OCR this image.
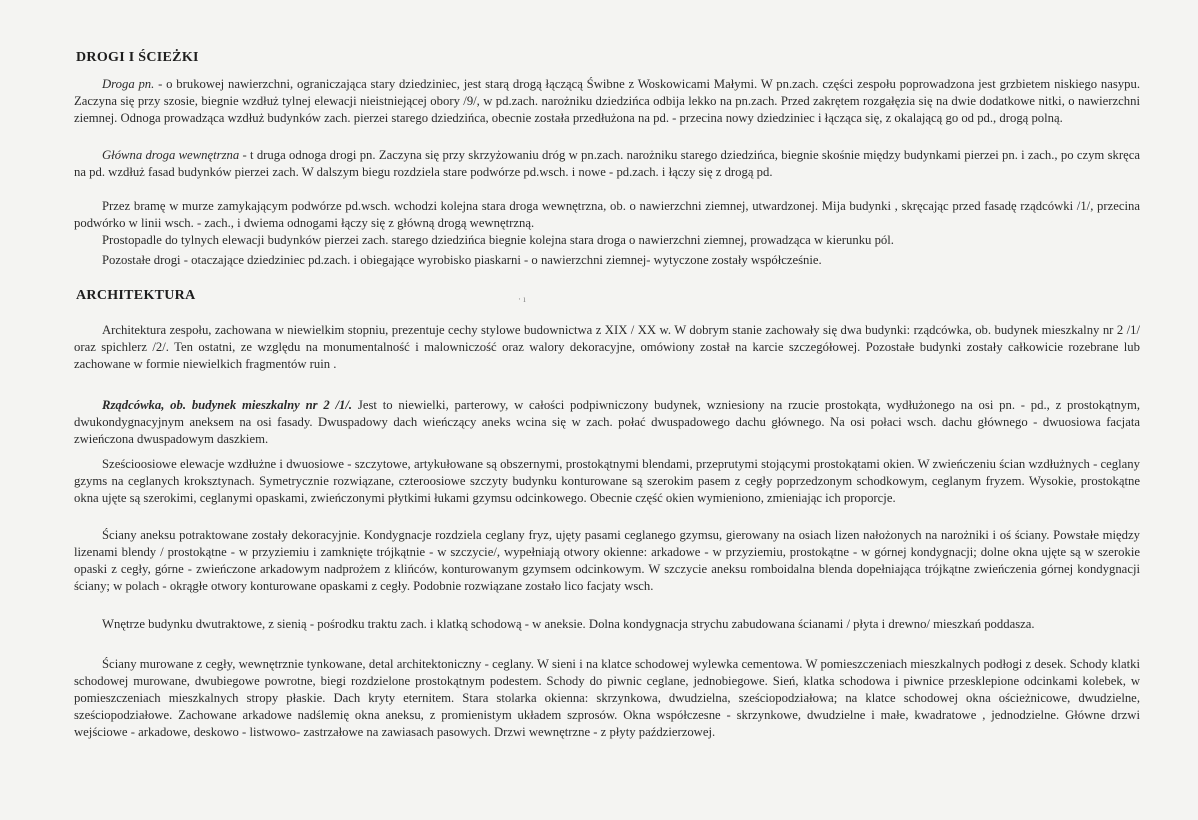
DROGI I ŚCIEŻKI

Droga pn. - o brukowej nawierzchni, ograniczająca stary dziedziniec, jest starą drogą łączącą Świbne z Woskowicami Małymi. W pn.zach. części zespołu poprowadzona jest grzbietem niskiego nasypu. Zaczyna się przy szosie, biegnie wzdłuż tylnej elewacji nieistniejącej obory /9/, w pd.zach. narożniku dziedzińca odbija lekko na pn.zach. Przed zakrętem rozgałęzia się na dwie dodatkowe nitki, o nawierzchni ziemnej. Odnoga prowadząca wzdłuż budynków zach. pierzei starego dziedzińca, obecnie została przedłużona na pd. - przecina nowy dziedziniec i łącząca się, z okalającą go od pd., drogą polną.

Główna droga wewnętrzna - t druga odnoga drogi pn. Zaczyna się przy skrzyżowaniu dróg w pn.zach. narożniku starego dziedzińca, biegnie skośnie między budynkami pierzei pn. i zach., po czym skręca na pd. wzdłuż fasad budynków pierzei zach. W dalszym biegu rozdziela stare podwórze pd.wsch. i nowe - pd.zach. i łączy się z drogą pd.

Przez bramę w murze zamykającym podwórze pd.wsch. wchodzi kolejna stara droga wewnętrzna, ob. o nawierzchni ziemnej, utwardzonej. Mija budynki , skręcając przed fasadę rządcówki /1/, przecina podwórko w linii wsch. - zach., i dwiema odnogami łączy się z główną drogą wewnętrzną.

Prostopadle do tylnych elewacji budynków pierzei zach. starego dziedzińca biegnie kolejna stara droga o nawierzchni ziemnej, prowadząca w kierunku pól.

Pozostałe drogi - otaczające dziedziniec pd.zach. i obiegające wyrobisko piaskarni - o nawierzchni ziemnej- wytyczone zostały współcześnie.

ARCHITEKTURA	· ı

Architektura zespołu, zachowana w niewielkim stopniu, prezentuje cechy stylowe budownictwa z XIX / XX w. W dobrym stanie zachowały się dwa budynki: rządcówka, ob. budynek mieszkalny nr 2 /1/ oraz spichlerz /2/. Ten ostatni, ze względu na monumentalność i malowniczość oraz walory dekoracyjne, omówiony został na karcie szczegółowej. Pozostałe budynki zostały całkowicie rozebrane lub zachowane w formie niewielkich fragmentów ruin .

Rządcówka, ob. budynek mieszkalny nr 2 /1/. Jest to niewielki, parterowy, w całości podpiwniczony budynek, wzniesiony na rzucie prostokąta, wydłużonego na osi pn. - pd., z prostokątnym, dwukondygnacyjnym aneksem na osi fasady. Dwuspadowy dach wieńczący aneks wcina się w zach. połać dwuspadowego dachu głównego. Na osi połaci wsch. dachu głównego - dwuosiowa facjata zwieńczona dwuspadowym daszkiem.

Sześcioosiowe elewacje wzdłużne i dwuosiowe - szczytowe, artykułowane są obszernymi, prostokątnymi blendami, przeprutymi stojącymi prostokątami okien. W zwieńczeniu ścian wzdłużnych - ceglany gzyms na ceglanych kroksztynach. Symetrycznie rozwiązane, czteroosiowe szczyty budynku konturowane są szerokim pasem z cegły poprzedzonym schodkowym, ceglanym fryzem. Wysokie, prostokątne okna ujęte są szerokimi, ceglanymi opaskami, zwieńczonymi płytkimi łukami gzymsu odcinkowego. Obecnie część okien wymieniono, zmieniając ich proporcje.

Ściany aneksu potraktowane zostały dekoracyjnie. Kondygnacje rozdziela ceglany fryz, ujęty pasami ceglanego gzymsu, gierowany na osiach lizen nałożonych na narożniki i oś ściany. Powstałe między lizenami blendy / prostokątne - w przyziemiu i zamknięte trójkątnie - w szczycie/, wypełniają otwory okienne: arkadowe - w przyziemiu, prostokątne - w górnej kondygnacji; dolne okna ujęte są w szerokie opaski z cegły, górne - zwieńczone arkadowym nadprożem z klińców, konturowanym gzymsem odcinkowym. W szczycie aneksu romboidalna blenda dopełniająca trójkątne zwieńczenia górnej kondygnacji ściany; w polach - okrągłe otwory konturowane opaskami z cegły. Podobnie rozwiązane zostało lico facjaty wsch.

Wnętrze budynku dwutraktowe, z sienią - pośrodku traktu zach. i klatką schodową - w aneksie. Dolna kondygnacja strychu zabudowana ścianami / płyta i drewno/ mieszkań poddasza.

Ściany murowane z cegły, wewnętrznie tynkowane, detal architektoniczny - ceglany. W sieni i na klatce schodowej wylewka cementowa. W pomieszczeniach mieszkalnych podłogi z desek. Schody klatki schodowej murowane, dwubiegowe powrotne, biegi rozdzielone prostokątnym podestem. Schody do piwnic ceglane, jednobiegowe. Sień, klatka schodowa i piwnice przesklepione odcinkami kolebek, w pomieszczeniach mieszkalnych stropy płaskie. Dach kryty eternitem. Stara stolarka okienna: skrzynkowa, dwudzielna, sześciopodziałowa; na klatce schodowej okna ościeżnicowe, dwudzielne, sześciopodziałowe. Zachowane arkadowe nadślemię okna aneksu, z promienistym układem szprosów. Okna współczesne - skrzynkowe, dwudzielne i małe, kwadratowe , jednodzielne. Główne drzwi wejściowe - arkadowe, deskowo - listwowo- zastrzałowe na zawiasach pasowych. Drzwi wewnętrzne - z płyty paździerzowej.
